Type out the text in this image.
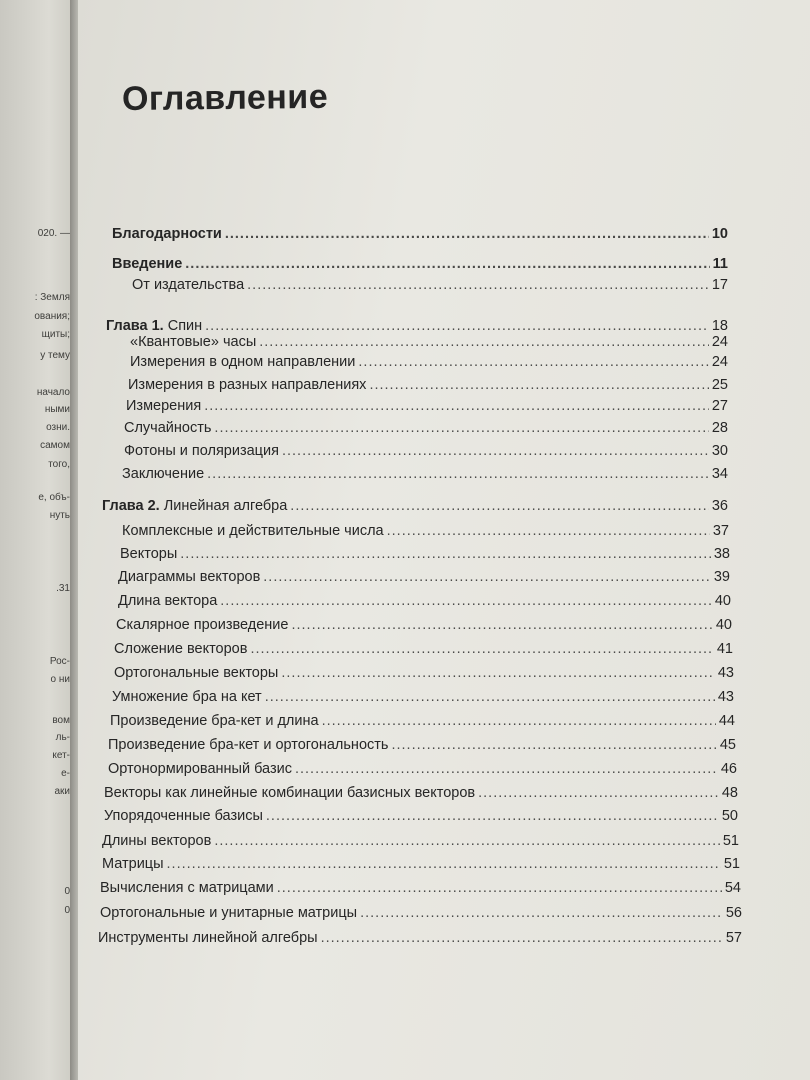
020. —
: Земля
ования;
щиты;
у тему
начало
ными
озни.
самом
того,
е, объ-
нуть
.31
Рос-
о ни
вом
ль-
кет-
е-
аки
0
0
Оглавление
Благодарности .....	10
Введение .....	11
От издательства .....	17
Глава 1. Спин .....	18
«Квантовые» часы .....	24
Измерения в одном направлении .....	24
Измерения в разных направлениях .....	25
Измерения .....	27
Случайность .....	28
Фотоны и поляризация .....	30
Заключение .....	34
Глава 2. Линейная алгебра .....	36
Комплексные и действительные числа .....	37
Векторы .....	38
Диаграммы векторов .....	39
Длина вектора .....	40
Скалярное произведение .....	40
Сложение векторов .....	41
Ортогональные векторы .....	43
Умножение бра на кет .....	43
Произведение бра-кет и длина .....	44
Произведение бра-кет и ортогональность .....	45
Ортонормированный базис .....	46
Векторы как линейные комбинации базисных векторов .....	48
Упорядоченные базисы .....	50
Длины векторов .....	51
Матрицы .....	51
Вычисления с матрицами .....	54
Ортогональные и унитарные матрицы .....	56
Инструменты линейной алгебры .....	57
